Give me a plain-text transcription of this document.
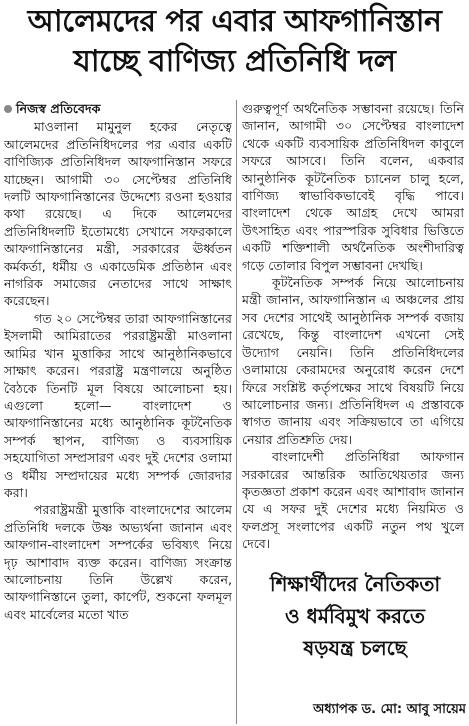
আলেমদের পর এবার আফগানিস্তান
যাচ্ছে বাণিজ্য প্রতিনিধি দল
নিজস্ব প্রতিবেদক

মাওলানা মামুনুল হকের নেতৃত্বে আলেমদের প্রতিনিধিদলের পর এবার একটি বাণিজ্যিক প্রতিনিধিদল আফগানিস্তান সফরে যাচ্ছেন। আগামী ৩০ সেপ্টেম্বর প্রতিনিধি দলটি আফগানিস্তানের উদ্দেশ্যে রওনা হওয়ার কথা রয়েছে। এ দিকে আলেমদের প্রতিনিধিদলটি ইতোমধ্যে সেখানে সফরকালে আফগানিস্তানের মন্ত্রী, সরকারের ঊর্ধ্বতন কর্মকর্তা, ধর্মীয় ও একাডেমিক প্রতিষ্ঠান এবং নাগরিক সমাজের নেতাদের সাথে সাক্ষাৎ করেছেন।

গত ২০ সেপ্টেম্বর তারা আফগানিস্তানের ইসলামী আমিরাতের পররাষ্ট্রমন্ত্রী মাওলানা আমির খান মুত্তাকির সাথে আনুষ্ঠানিকভাবে সাক্ষাৎ করেন। পররাষ্ট্র মন্ত্রণালয়ে অনুষ্ঠিত বৈঠকে তিনটি মূল বিষয়ে আলোচনা হয়। এগুলো হলো— বাংলাদেশ ও আফগানিস্তানের মধ্যে আনুষ্ঠানিক কূটনৈতিক সম্পর্ক স্থাপন, বাণিজ্য ও ব্যবসায়িক সহযোগিতা সম্প্রসারণ এবং দুই দেশের ওলামা ও ধর্মীয় সম্প্রদায়ের মধ্যে সম্পর্ক জোরদার করা।

পররাষ্ট্রমন্ত্রী মুত্তাকি বাংলাদেশের আলেম প্রতিনিধি দলকে উষ্ণ অভ্যর্থনা জানান এবং আফগান-বাংলাদেশ সম্পর্কের ভবিষ্যৎ নিয়ে দৃঢ় আশাবাদ ব্যক্ত করেন। বাণিজ্য সংক্রান্ত আলোচনায় তিনি উল্লেখ করেন, আফগানিস্তানে তুলা, কার্পেট, শুকনো ফলমূল এবং মার্বেলের মতো খাত

গুরুত্বপূর্ণ অর্থনৈতিক সম্ভাবনা রয়েছে। তিনি জানান, আগামী ৩০ সেপ্টেম্বর বাংলাদেশ থেকে একটি ব্যবসায়িক প্রতিনিধিদল কাবুলে সফরে আসবে। তিনি বলেন, একবার আনুষ্ঠানিক কূটনৈতিক চ্যানেল চালু হলে, বাণিজ্য স্বাভাবিকভাবেই বৃদ্ধি পাবে। বাংলাদেশ থেকে আগ্রহ দেখে আমরা উৎসাহিত এবং পারস্পরিক সুবিধার ভিত্তিতে একটি শক্তিশালী অর্থনৈতিক অংশীদারিত্ব গড়ে তোলার বিপুল সম্ভাবনা দেখছি।

কূটনৈতিক সম্পর্ক নিয়ে আলোচনায় মন্ত্রী জানান, আফগানিস্তান এ অঞ্চলের প্রায় সব দেশের সাথেই আনুষ্ঠানিক সম্পর্ক বজায় রেখেছে, কিন্তু বাংলাদেশ এখনো সেই উদ্যোগ নেয়নি। তিনি প্রতিনিধিদলের ওলামায়ে কেরামদের অনুরোধ করেন দেশে ফিরে সংশ্লিষ্ট কর্তৃপক্ষের সাথে বিষয়টি নিয়ে আলোচনার জন্য। প্রতিনিধিদল এ প্রস্তাবকে স্বাগত জানায় এবং সক্রিয়ভাবে তা এগিয়ে নেয়ার প্রতিশ্রুতি দেয়।

বাংলাদেশী প্রতিনিধিরা আফগান সরকারের আন্তরিক আতিথেয়তার জন্য কৃতজ্ঞতা প্রকাশ করেন এবং আশাবাদ জানান যে এ সফর দুই দেশের মধ্যে নিয়মিত ও ফলপ্রসূ সংলাপের একটি নতুন পথ খুলে দেবে।

শিক্ষার্থীদের নৈতিকতা
ও ধর্মবিমুখ করতে
ষড়যন্ত্র চলছে
অধ্যাপক ড. মো: আবু সায়েম
